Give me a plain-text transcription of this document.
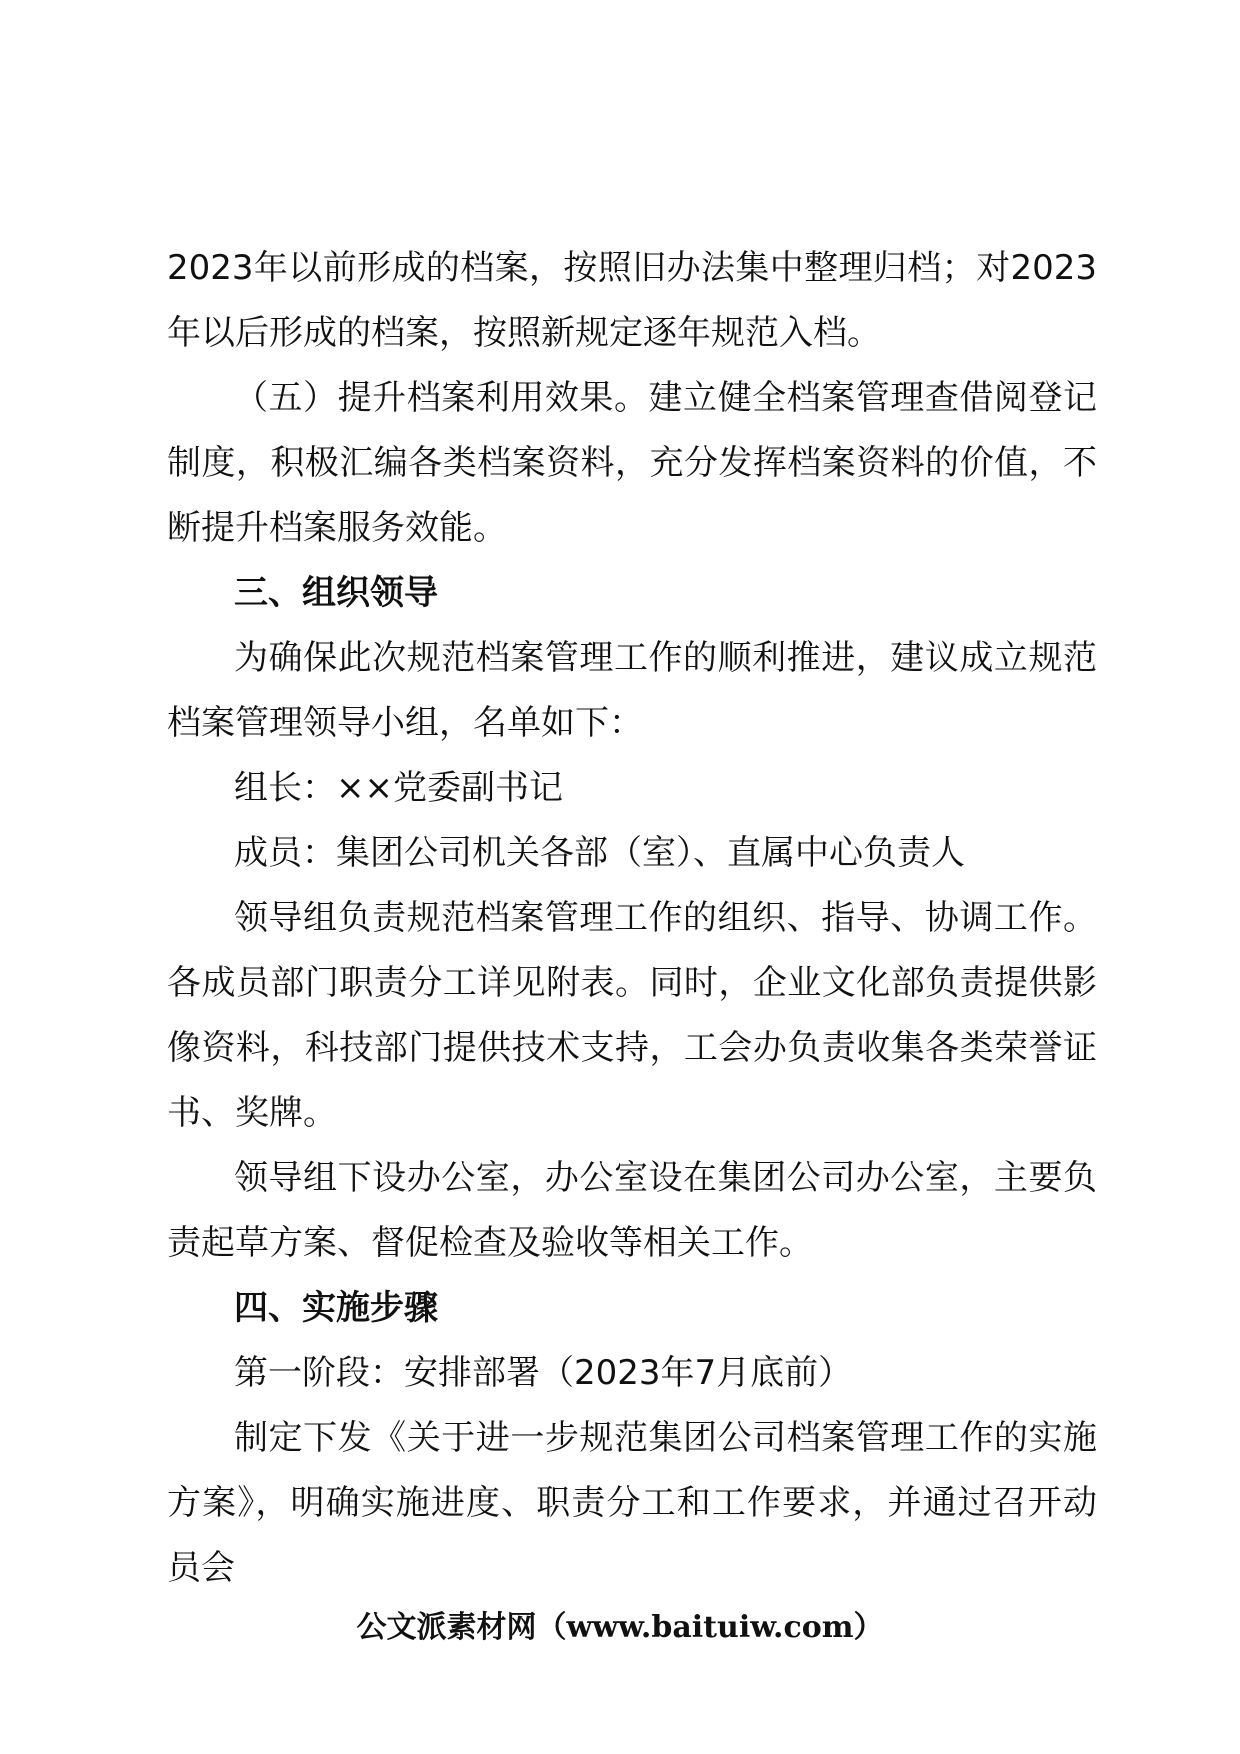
2023年以前形成的档案，按照旧办法集中整理归档；对2023年以后形成的档案，按照新规定逐年规范入档。

（五）提升档案利用效果。建立健全档案管理查借阅登记制度，积极汇编各类档案资料，充分发挥档案资料的价值，不断提升档案服务效能。

三、组织领导

为确保此次规范档案管理工作的顺利推进，建议成立规范档案管理领导小组，名单如下：

组长：××党委副书记

成员：集团公司机关各部（室）、直属中心负责人

领导组负责规范档案管理工作的组织、指导、协调工作。各成员部门职责分工详见附表。同时，企业文化部负责提供影像资料，科技部门提供技术支持，工会办负责收集各类荣誉证书、奖牌。

领导组下设办公室，办公室设在集团公司办公室，主要负责起草方案、督促检查及验收等相关工作。

四、实施步骤

第一阶段：安排部署（2023年7月底前）

制定下发《关于进一步规范集团公司档案管理工作的实施方案》，明确实施进度、职责分工和工作要求，并通过召开动员会

公文派素材网（www.baituiw.com）
